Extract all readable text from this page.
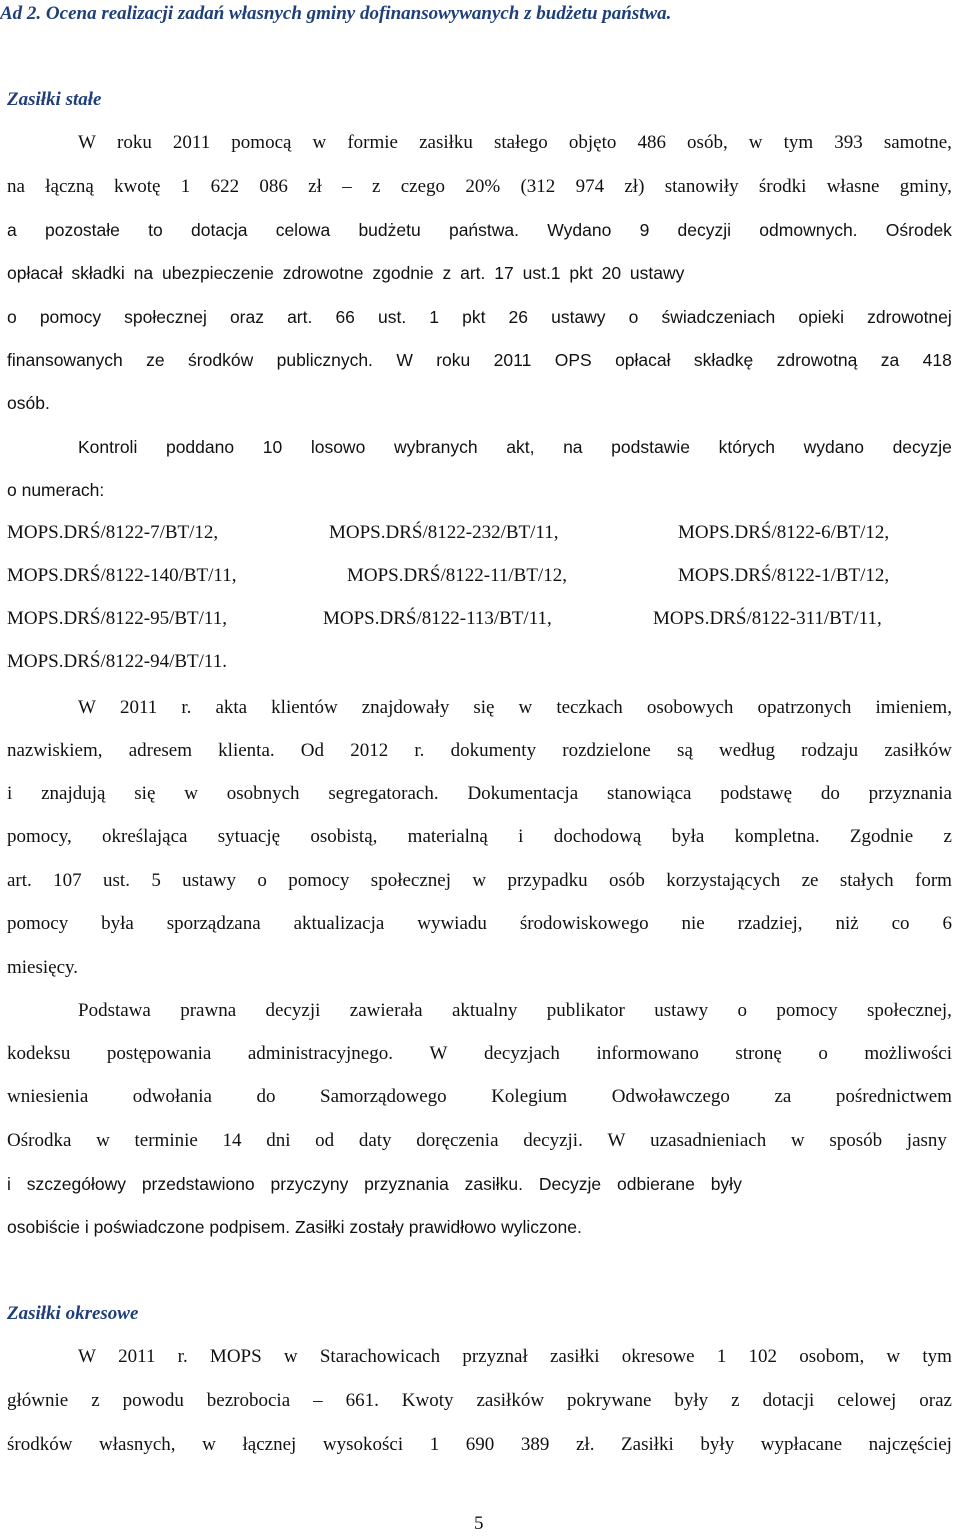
Ad 2. Ocena realizacji zadań własnych gminy dofinansowywanych z budżetu państwa.
Zasiłki stałe
W roku 2011 pomocą w formie zasiłku stałego objęto 486 osób, w tym 393 samotne,
na łączną kwotę 1 622 086 zł – z czego 20% (312 974 zł) stanowiły środki własne gminy,
a pozostałe to dotacja celowa budżetu państwa. Wydano 9 decyzji odmownych. Ośrodek
opłacał składki na ubezpieczenie zdrowotne zgodnie z art. 17 ust.1 pkt 20 ustawy
o pomocy społecznej oraz art. 66 ust. 1 pkt 26 ustawy o świadczeniach opieki zdrowotnej
finansowanych ze środków publicznych. W roku 2011 OPS opłacał składkę zdrowotną za 418
osób.
Kontroli poddano 10 losowo wybranych akt, na podstawie których wydano decyzje
o numerach:
MOPS.DRŚ/8122-7/BT/12,	MOPS.DRŚ/8122-232/BT/11,	MOPS.DRŚ/8122-6/BT/12,
MOPS.DRŚ/8122-140/BT/11,	MOPS.DRŚ/8122-11/BT/12,	MOPS.DRŚ/8122-1/BT/12,
MOPS.DRŚ/8122-95/BT/11,	MOPS.DRŚ/8122-113/BT/11,	MOPS.DRŚ/8122-311/BT/11,
MOPS.DRŚ/8122-94/BT/11.
W 2011 r. akta klientów znajdowały się w teczkach osobowych opatrzonych imieniem,
nazwiskiem, adresem klienta. Od 2012 r. dokumenty rozdzielone są według rodzaju zasiłków
i znajdują się w osobnych segregatorach. Dokumentacja stanowiąca podstawę do przyznania
pomocy, określająca sytuację osobistą, materialną i dochodową była kompletna. Zgodnie z
art. 107 ust. 5 ustawy o pomocy społecznej w przypadku osób korzystających ze stałych form
pomocy była sporządzana aktualizacja wywiadu środowiskowego nie rzadziej, niż co 6
miesięcy.
Podstawa prawna decyzji zawierała aktualny publikator ustawy o pomocy społecznej,
kodeksu postępowania administracyjnego. W decyzjach informowano stronę o możliwości
wniesienia odwołania do Samorządowego Kolegium Odwoławczego za pośrednictwem
Ośrodka w terminie 14 dni od daty doręczenia decyzji. W uzasadnieniach w sposób jasny
i szczegółowy przedstawiono przyczyny przyznania zasiłku. Decyzje odbierane były
osobiście i poświadczone podpisem. Zasiłki zostały prawidłowo wyliczone.
Zasiłki okresowe
W 2011 r. MOPS w Starachowicach przyznał zasiłki okresowe 1 102 osobom, w tym
głównie z powodu bezrobocia – 661. Kwoty zasiłków pokrywane były z dotacji celowej oraz
środków własnych, w łącznej wysokości 1 690 389 zł. Zasiłki były wypłacane najczęściej
5
